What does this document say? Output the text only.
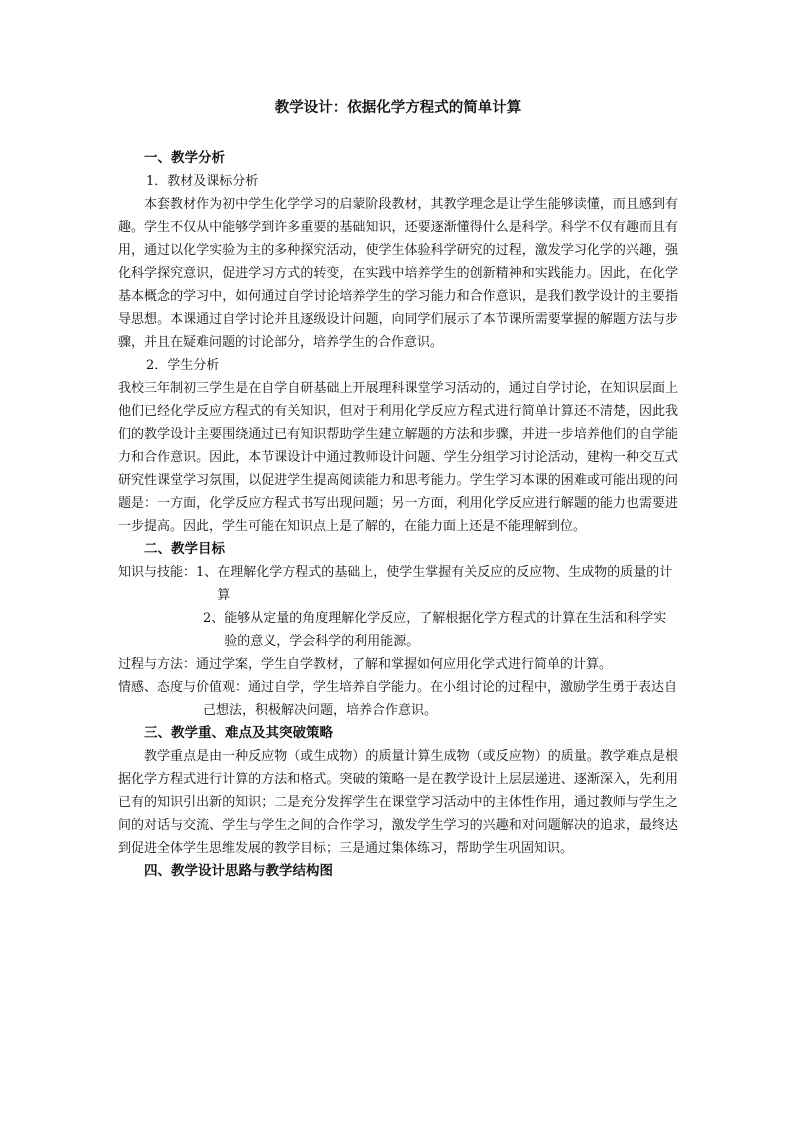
教学设计：依据化学方程式的简单计算
一、教学分析
1．教材及课标分析
本套教材作为初中学生化学学习的启蒙阶段教材，其教学理念是让学生能够读懂，而且感到有趣。学生不仅从中能够学到许多重要的基础知识，还要逐渐懂得什么是科学。科学不仅有趣而且有用，通过以化学实验为主的多种探究活动，使学生体验科学研究的过程，激发学习化学的兴趣，强化科学探究意识，促进学习方式的转变，在实践中培养学生的创新精神和实践能力。因此，在化学基本概念的学习中，如何通过自学讨论培养学生的学习能力和合作意识，是我们教学设计的主要指导思想。本课通过自学讨论并且逐级设计问题，向同学们展示了本节课所需要掌握的解题方法与步骤，并且在疑难问题的讨论部分，培养学生的合作意识。
2．学生分析
我校三年制初三学生是在自学自研基础上开展理科课堂学习活动的，通过自学讨论，在知识层面上他们已经化学反应方程式的有关知识，但对于利用化学反应方程式进行简单计算还不清楚，因此我们的教学设计主要围绕通过已有知识帮助学生建立解题的方法和步骤，并进一步培养他们的自学能力和合作意识。因此，本节课设计中通过教师设计问题、学生分组学习讨论活动，建构一种交互式研究性课堂学习氛围，以促进学生提高阅读能力和思考能力。学生学习本课的困难或可能出现的问题是：一方面，化学反应方程式书写出现问题；另一方面，利用化学反应进行解题的能力也需要进一步提高。因此，学生可能在知识点上是了解的，在能力面上还是不能理解到位。
二、教学目标
知识与技能： 1、 在理解化学方程式的基础上，使学生掌握有关反应的反应物、生成物的质量的计算
2、 能够从定量的角度理解化学反应，了解根据化学方程式的计算在生活和科学实验的意义，学会科学的利用能源。
过程与方法：通过学案，学生自学教材，了解和掌握如何应用化学式进行简单的计算。
情感、态度与价值观：通过自学，学生培养自学能力。在小组讨论的过程中，激励学生勇于表达自己想法，积极解决问题，培养合作意识。
三、教学重、难点及其突破策略
教学重点是由一种反应物（或生成物）的质量计算生成物（或反应物）的质量。教学难点是根据化学方程式进行计算的方法和格式。突破的策略一是在教学设计上层层递进、逐渐深入，先利用已有的知识引出新的知识；二是充分发挥学生在课堂学习活动中的主体性作用，通过教师与学生之间的对话与交流、学生与学生之间的合作学习，激发学生学习的兴趣和对问题解决的追求，最终达到促进全体学生思维发展的教学目标；三是通过集体练习，帮助学生巩固知识。
四、教学设计思路与教学结构图
